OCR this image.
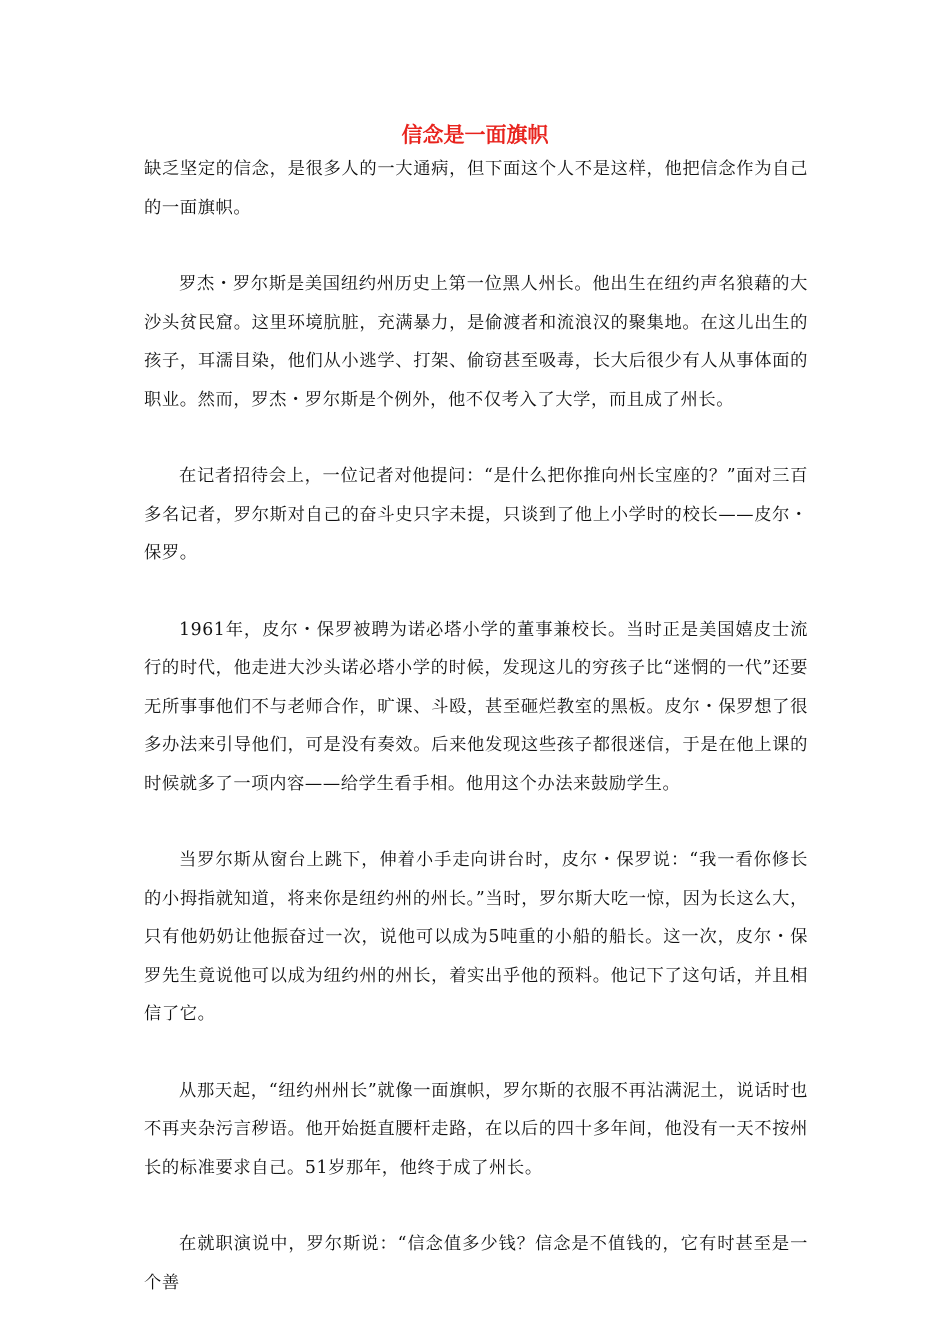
信念是一面旗帜

缺乏坚定的信念，是很多人的一大通病，但下面这个人不是这样，他把信念作为自己的一面旗帜。

罗杰・罗尔斯是美国纽约州历史上第一位黑人州长。他出生在纽约声名狼藉的大沙头贫民窟。这里环境肮脏，充满暴力，是偷渡者和流浪汉的聚集地。在这儿出生的孩子，耳濡目染，他们从小逃学、打架、偷窃甚至吸毒，长大后很少有人从事体面的职业。然而，罗杰・罗尔斯是个例外，他不仅考入了大学，而且成了州长。

在记者招待会上，一位记者对他提问：“是什么把你推向州长宝座的？”面对三百多名记者，罗尔斯对自己的奋斗史只字未提，只谈到了他上小学时的校长——皮尔・保罗。

1961年，皮尔・保罗被聘为诺必塔小学的董事兼校长。当时正是美国嬉皮士流行的时代，他走进大沙头诺必塔小学的时候，发现这儿的穷孩子比“迷惘的一代”还要无所事事他们不与老师合作，旷课、斗殴，甚至砸烂教室的黑板。皮尔・保罗想了很多办法来引导他们，可是没有奏效。后来他发现这些孩子都很迷信，于是在他上课的时候就多了一项内容——给学生看手相。他用这个办法来鼓励学生。

当罗尔斯从窗台上跳下，伸着小手走向讲台时，皮尔・保罗说：“我一看你修长的小拇指就知道，将来你是纽约州的州长。”当时，罗尔斯大吃一惊，因为长这么大，只有他奶奶让他振奋过一次，说他可以成为5吨重的小船的船长。这一次，皮尔・保罗先生竟说他可以成为纽约州的州长，着实出乎他的预料。他记下了这句话，并且相信了它。

从那天起，“纽约州州长”就像一面旗帜，罗尔斯的衣服不再沾满泥土，说话时也不再夹杂污言秽语。他开始挺直腰杆走路，在以后的四十多年间，他没有一天不按州长的标准要求自己。51岁那年，他终于成了州长。

在就职演说中，罗尔斯说：“信念值多少钱？信念是不值钱的，它有时甚至是一个善
